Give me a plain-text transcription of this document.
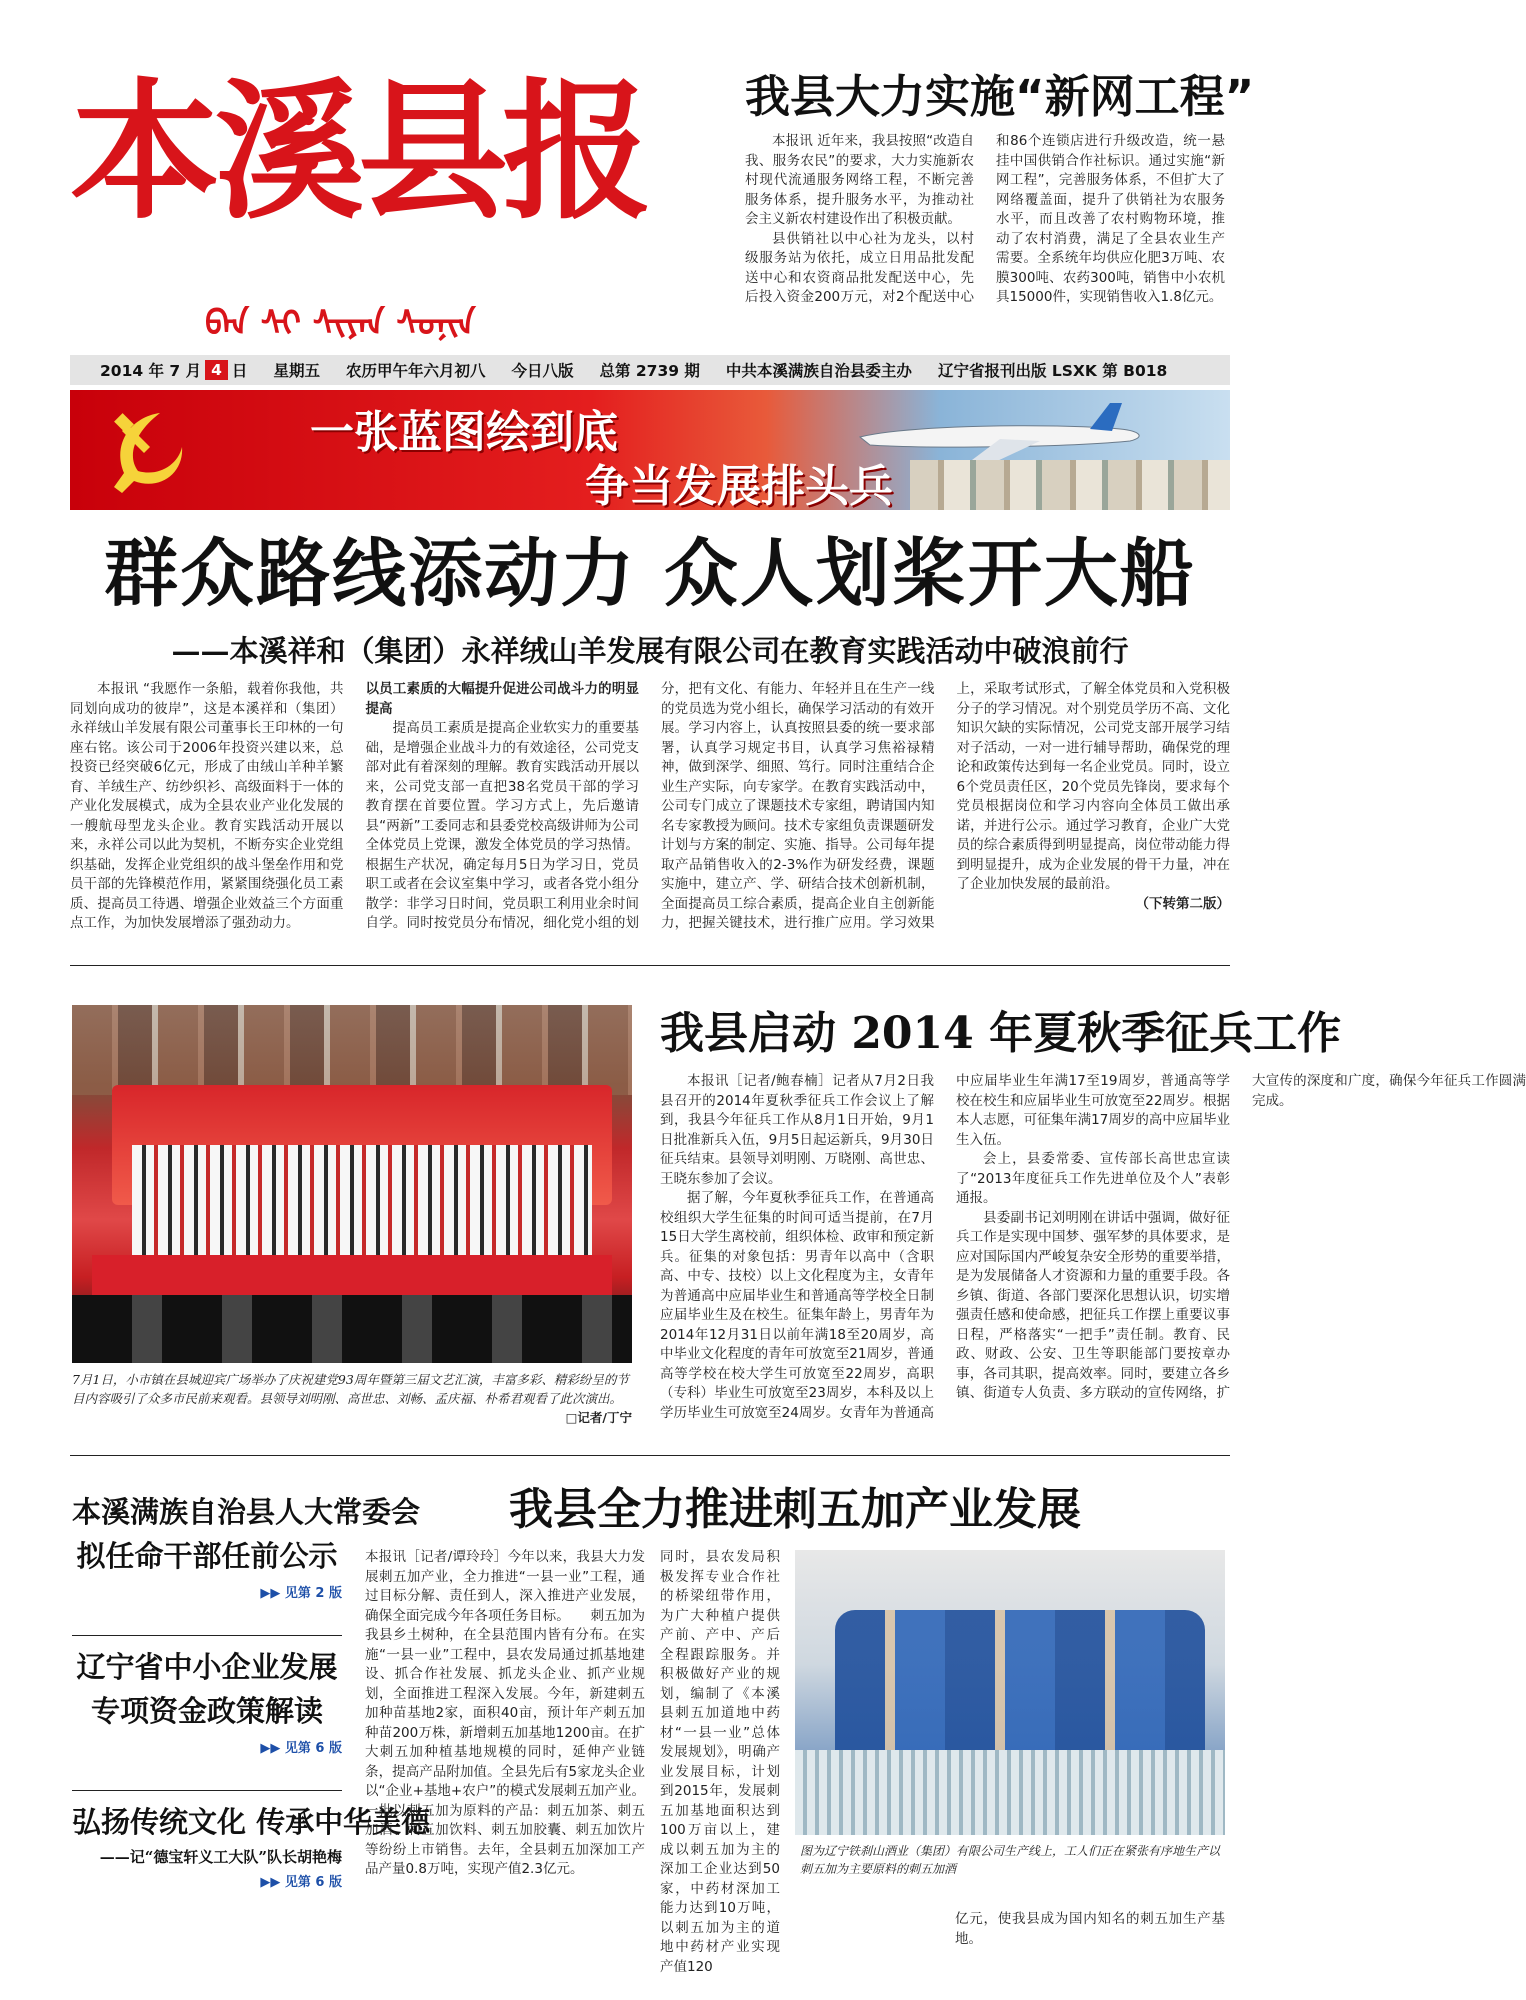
本溪县报
ᠪᠡᠨ ᠰᠢ ᠰᠢᠶᠠᠨ ᠰᠣᠨᠢᠨ
我县大力实施“新网工程”

本报讯 近年来，我县按照“改造自我、服务农民”的要求，大力实施新农村现代流通服务网络工程，不断完善服务体系，提升服务水平，为推动社会主义新农村建设作出了积极贡献。

县供销社以中心社为龙头，以村级服务站为依托，成立日用品批发配送中心和农资商品批发配送中心，先后投入资金200万元，对2个配送中心和86个连锁店进行升级改造，统一悬挂中国供销合作社标识。通过实施“新网工程”，完善服务体系，不但扩大了网络覆盖面，提升了供销社为农服务水平，而且改善了农村购物环境，推动了农村消费，满足了全县农业生产需要。全系统年均供应化肥3万吨、农膜300吨、农药300吨，销售中小农机具15000件，实现销售收入1.8亿元。

2014 年 7 月 4 日 星期五 农历甲午年六月初八 今日八版 总第 2739 期 中共本溪满族自治县委主办 辽宁省报刊出版 LSXK 第 B018
一张蓝图绘到底
争当发展排头兵
群众路线添动力 众人划桨开大船
——本溪祥和（集团）永祥绒山羊发展有限公司在教育实践活动中破浪前行

本报讯 “我愿作一条船，载着你我他，共同划向成功的彼岸”，这是本溪祥和（集团）永祥绒山羊发展有限公司董事长王印林的一句座右铭。该公司于2006年投资兴建以来，总投资已经突破6亿元，形成了由绒山羊种羊繁育、羊绒生产、纺纱织衫、高级面料于一体的产业化发展模式，成为全县农业产业化发展的一艘航母型龙头企业。教育实践活动开展以来，永祥公司以此为契机，不断夯实企业党组织基础，发挥企业党组织的战斗堡垒作用和党员干部的先锋模范作用，紧紧围绕强化员工素质、提高员工待遇、增强企业效益三个方面重点工作，为加快发展增添了强劲动力。

以员工素质的大幅提升促进公司战斗力的明显提高

提高员工素质是提高企业软实力的重要基础，是增强企业战斗力的有效途径，公司党支部对此有着深刻的理解。教育实践活动开展以来，公司党支部一直把38名党员干部的学习教育摆在首要位置。学习方式上，先后邀请县“两新”工委同志和县委党校高级讲师为公司全体党员上党课，激发全体党员的学习热情。根据生产状况，确定每月5日为学习日，党员职工或者在会议室集中学习，或者各党小组分散学：非学习日时间，党员职工利用业余时间自学。同时按党员分布情况，细化党小组的划分，把有文化、有能力、年轻并且在生产一线的党员选为党小组长，确保学习活动的有效开展。学习内容上，认真按照县委的统一要求部署，认真学习规定书目，认真学习焦裕禄精神，做到深学、细照、笃行。同时注重结合企业生产实际，向专家学。在教育实践活动中，公司专门成立了课题技术专家组，聘请国内知名专家教授为顾问。技术专家组负责课题研发计划与方案的制定、实施、指导。公司每年提取产品销售收入的2-3%作为研发经费，课题实施中，建立产、学、研结合技术创新机制，全面提高员工综合素质，提高企业自主创新能力，把握关键技术，进行推广应用。学习效果上，采取考试形式，了解全体党员和入党积极分子的学习情况。对个别党员学历不高、文化知识欠缺的实际情况，公司党支部开展学习结对子活动，一对一进行辅导帮助，确保党的理论和政策传达到每一名企业党员。同时，设立6个党员责任区，20个党员先锋岗，要求每个党员根据岗位和学习内容向全体员工做出承诺，并进行公示。通过学习教育，企业广大党员的综合素质得到明显提高，岗位带动能力得到明显提升，成为企业发展的骨干力量，冲在了企业加快发展的最前沿。

（下转第二版）

7月1日，小市镇在县城迎宾广场举办了庆祝建党93周年暨第三届文艺汇演，丰富多彩、精彩纷呈的节目内容吸引了众多市民前来观看。县领导刘明刚、高世忠、刘畅、孟庆福、朴希君观看了此次演出。
□记者/丁宁
我县启动 2014 年夏秋季征兵工作

本报讯［记者/鲍春楠］记者从7月2日我县召开的2014年夏秋季征兵工作会议上了解到，我县今年征兵工作从8月1日开始，9月1日批准新兵入伍，9月5日起运新兵，9月30日征兵结束。县领导刘明刚、万晓刚、高世忠、王晓东参加了会议。

据了解，今年夏秋季征兵工作，在普通高校组织大学生征集的时间可适当提前，在7月15日大学生离校前，组织体检、政审和预定新兵。征集的对象包括：男青年以高中（含职高、中专、技校）以上文化程度为主，女青年为普通高中应届毕业生和普通高等学校全日制应届毕业生及在校生。征集年龄上，男青年为2014年12月31日以前年满18至20周岁，高中毕业文化程度的青年可放宽至21周岁，普通高等学校在校大学生可放宽至22周岁，高职（专科）毕业生可放宽至23周岁，本科及以上学历毕业生可放宽至24周岁。女青年为普通高中应届毕业生年满17至19周岁，普通高等学校在校生和应届毕业生可放宽至22周岁。根据本人志愿，可征集年满17周岁的高中应届毕业生入伍。

会上，县委常委、宣传部长高世忠宣读了“2013年度征兵工作先进单位及个人”表彰通报。

县委副书记刘明刚在讲话中强调，做好征兵工作是实现中国梦、强军梦的具体要求，是应对国际国内严峻复杂安全形势的重要举措，是为发展储备人才资源和力量的重要手段。各乡镇、街道、各部门要深化思想认识，切实增强责任感和使命感，把征兵工作摆上重要议事日程，严格落实“一把手”责任制。教育、民政、财政、公安、卫生等职能部门要按章办事，各司其职，提高效率。同时，要建立各乡镇、街道专人负责、多方联动的宣传网络，扩大宣传的深度和广度，确保今年征兵工作圆满完成。

本溪满族自治县人大常委会
拟任命干部任前公示
▶▶ 见第 2 版
辽宁省中小企业发展
专项资金政策解读
▶▶ 见第 6 版
弘扬传统文化 传承中华美德
——记“德宝轩义工大队”队长胡艳梅
▶▶ 见第 6 版
我县全力推进刺五加产业发展
本报讯［记者/谭玲玲］今年以来，我县大力发展刺五加产业，全力推进“一县一业”工程，通过目标分解、责任到人，深入推进产业发展，确保全面完成今年各项任务目标。　　刺五加为我县乡土树种，在全县范围内皆有分布。在实施“一县一业”工程中，县农发局通过抓基地建设、抓合作社发展、抓龙头企业、抓产业规划，全面推进工程深入发展。今年，新建刺五加种苗基地2家，面积40亩，预计年产刺五加种苗200万株，新增刺五加基地1200亩。在扩大刺五加种植基地规模的同时，延伸产业链条，提高产品附加值。全县先后有5家龙头企业以“企业+基地+农户”的模式发展刺五加产业。一批以刺五加为原料的产品：刺五加茶、刺五加酒、刺五加饮料、刺五加胶囊、刺五加饮片等纷纷上市销售。去年，全县刺五加深加工产品产量0.8万吨，实现产值2.3亿元。
同时，县农发局积极发挥专业合作社的桥梁纽带作用，为广大种植户提供产前、产中、产后全程跟踪服务。并积极做好产业的规划，编制了《本溪县刺五加道地中药材“一县一业”总体发展规划》，明确产业发展目标，计划到2015年，发展刺五加基地面积达到100万亩以上，建成以刺五加为主的深加工企业达到50家，中药材深加工能力达到10万吨，以刺五加为主的道地中药材产业实现产值120
图为辽宁铁刹山酒业（集团）有限公司生产线上，工人们正在紧张有序地生产以刺五加为主要原料的刺五加酒
亿元，使我县成为国内知名的刺五加生产基地。
